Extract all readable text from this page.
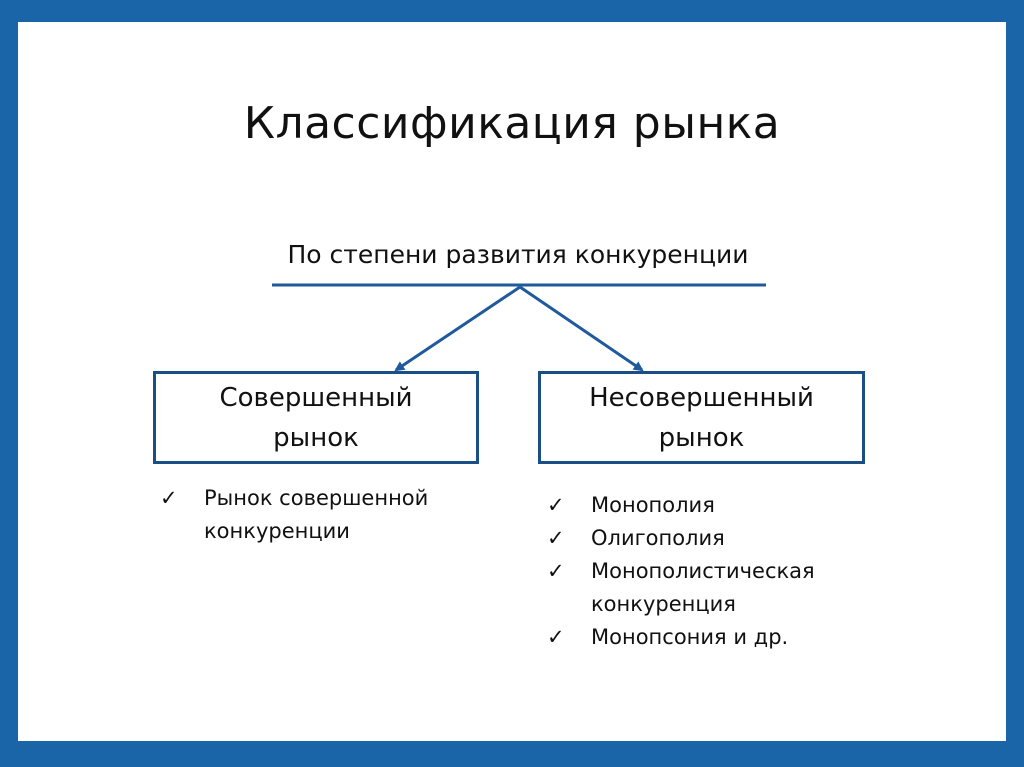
Классификация рынка
По степени развития конкуренции
Совершенный
рынок
Несовершенный
рынок
✓ Рынок совершенной
конкуренции
✓ Монополия
✓ Олигополия
✓ Монополистическая
конкуренция
✓ Монопсония и др.
